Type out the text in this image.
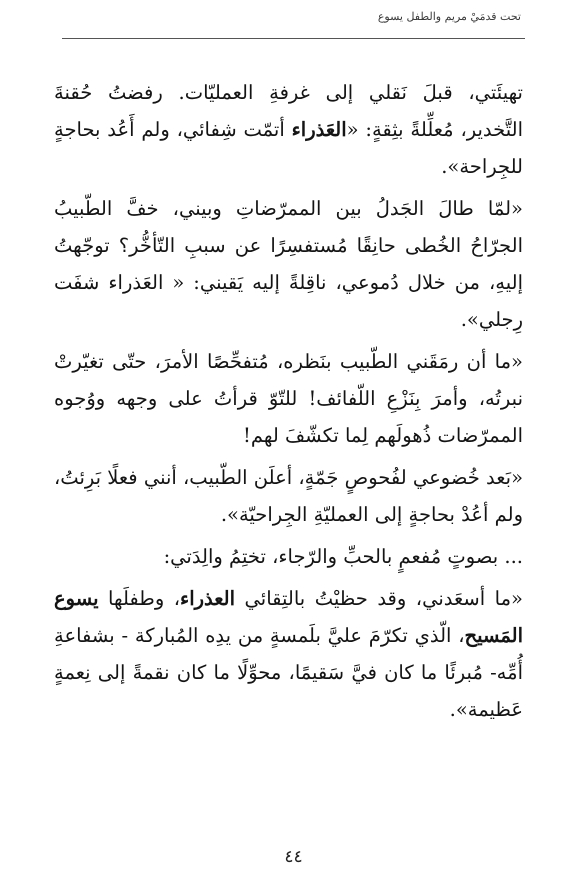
تحت قدمَيْ مريم والطفل يسوع

تهيئَتي، قبلَ نَقلي إلى غرفةِ العمليّات. رفضتُ حُقنةَ التَّخدير، مُعلِّلةً بثِقةٍ: «العَذراء أتمّت شِفائي، ولم أَعُد بحاجةٍ للجِراحة».

«لمّا طالَ الجَدلُ بين الممرّضاتِ وبيني، خفَّ الطّبيبُ الجرّاحُ الخُطى حانِقًا مُستفسِرًا عن سببِ التّأخُّر؟ توجّهتُ إليهِ، من خلال دُموعي، ناقِلةً إليه يَقيني: « العَذراء شفَت رِجلي».

«ما أن رمَقَني الطّبيب بنَظره، مُتفحِّصًا الأمرَ، حتّى تغيّرتْ نبرتُه، وأمرَ بِنَزْعِ اللّفائف! للتّوّ قرأتُ على وجهه ووُجوه الممرّضات ذُهولَهم لِما تكشّفَ لهم!

«بَعد خُضوعي لفُحوصٍ جَمّةٍ، أعلَن الطّبيب، أنني فعلًا بَرِئتُ، ولم أعُدْ بحاجةٍ إلى العمليّةِ الجِراحيّة».

... بصوتٍ مُفعمٍ بالحبِّ والرّجاء، تختِمُ والِدَتي:

«ما أسعَدني، وقد حظيْتُ بالتِقائي العذراء، وطفلَها يسوع المَسيح، الّذي تكرّمَ عليَّ بلَمسةٍ من يدِه المُباركة - بشفاعةِ أُمِّه- مُبرئًا ما كان فيَّ سَقيمًا، محوِّلًا ما كان نقمةً إلى نِعمةٍ عَظيمة».

٤٤
